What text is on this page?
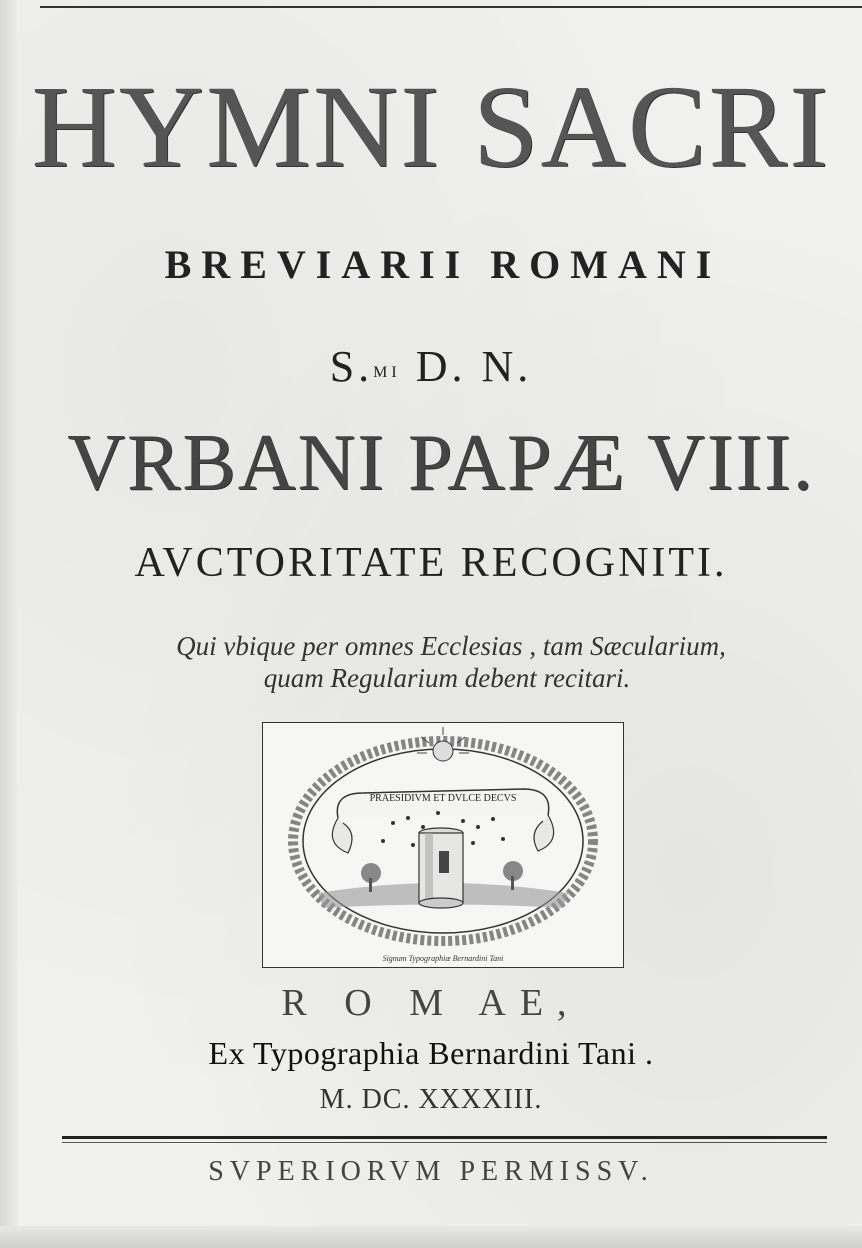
HYMNI SACRI
BREVIARII ROMANI
S.$^{MI}$ D. N.
VRBANI PAPÆ VIII.
AVCTORITATE RECOGNITI.
Qui vbique per omnes Ecclesias , tam Sæcularium,
quam Regularium debent recitari.
PRAESIDIVM ET DVLCE DECVS
Signum Typographiæ Bernardini Tani
R O M AE,
Ex Typographia Bernardini Tani .
M. DC. XXXXIII.
SVPERIORVM PERMISSV.
